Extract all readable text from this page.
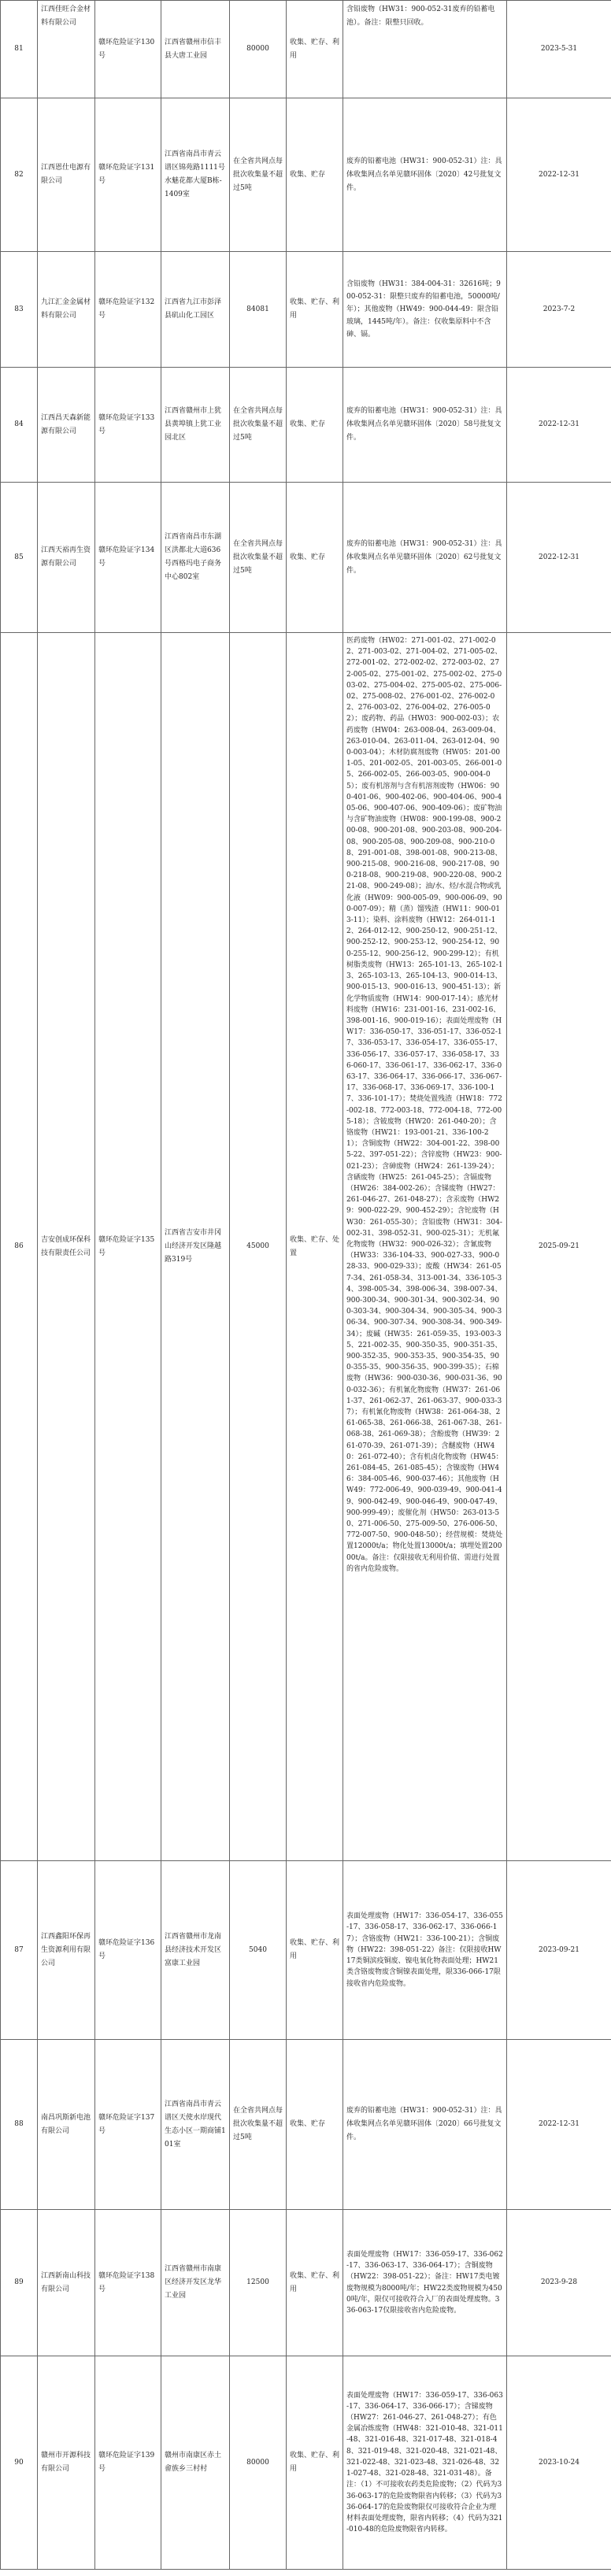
81	江西佳旺合金材料有限公司	赣环危险证字130号	江西省赣州市信丰县大唐工业园	80000	收集、贮存、利用	含铅废物（HW31：900-052-31废弃的铅蓄电池）。备注：限整只回收。	2023-5-31
82	江西恩仕电源有限公司	赣环危险证字131号	江西省南昌市青云谱区锦苑路1111号水魅花都大厦B栋-1409室	在全省共网点每批次收集量不超过5吨	收集、贮存	废弃的铅蓄电池（HW31：900-052-31）注：具体收集网点名单见赣环固体〔2020〕42号批复文件。	2022-12-31
83	九江汇金金属材料有限公司	赣环危险证字132号	江西省九江市彭泽县矶山化工园区	84081	收集、贮存、利用	含铅废物（HW31：384-004-31：32616吨；900-052-31：限整只废弃的铅蓄电池，50000吨/年）；其他废物（HW49：900-044-49：限含铅玻璃，1445吨/年）。备注：仅收集原料中不含砷、镉。	2023-7-2
84	江西昌天森新能源有限公司	赣环危险证字133号	江西省赣州市上犹县黄埠镇上犹工业园北区	在全省共网点每批次收集量不超过5吨	收集、贮存	废弃的铅蓄电池（HW31：900-052-31）注：具体收集网点名单见赣环固体〔2020〕58号批复文件。	2022-12-31
85	江西天裕再生资源有限公司	赣环危险证字134号	江西省南昌市东湖区洪都北大道636号西格玛电子商务中心802室	在全省共网点每批次收集量不超过5吨	收集、贮存	废弃的铅蓄电池（HW31：900-052-31）注：具体收集网点名单见赣环固体〔2020〕62号批复文件。	2022-12-31
86	吉安创成环保科技有限责任公司	赣环危险证字135号	江西省吉安市井冈山经济开发区隆越路319号	45000	收集、贮存、处置	医药废物（HW02：271-001-02、271-002-02、271-003-02、271-004-02、271-005-02、272-001-02、272-002-02、272-003-02、272-005-02、275-001-02、275-002-02、275-003-02、275-004-02、275-005-02、275-006-02、275-008-02、276-001-02、276-002-02、276-003-02、276-004-02、276-005-02）；废药物、药品（HW03：900-002-03）；农药废物（HW04：263-008-04、263-009-04、263-010-04、263-011-04、263-012-04、900-003-04）；木材防腐剂废物（HW05：201-001-05、201-002-05、201-003-05、266-001-05、266-002-05、266-003-05、900-004-05）；废有机溶剂与含有机溶剂废物（HW06：900-401-06、900-402-06、900-404-06、900-405-06、900-407-06、900-409-06）；废矿物油与含矿物油废物（HW08：900-199-08、900-200-08、900-201-08、900-203-08、900-204-08、900-205-08、900-209-08、900-210-08、291-001-08、398-001-08、900-213-08、900-215-08、900-216-08、900-217-08、900-218-08、900-219-08、900-220-08、900-221-08、900-249-08）；油/水、烃/水混合物或乳化液（HW09：900-005-09、900-006-09、900-007-09）；精（蒸）馏残渣（HW11：900-013-11）；染料、涂料废物（HW12：264-011-12、264-012-12、900-250-12、900-251-12、900-252-12、900-253-12、900-254-12、900-255-12、900-256-12、900-299-12）；有机树脂类废物（HW13：265-101-13、265-102-13、265-103-13、265-104-13、900-014-13、900-015-13、900-016-13、900-451-13）；新化学物质废物（HW14：900-017-14）；感光材料废物（HW16：231-001-16、231-002-16、398-001-16、900-019-16）；表面处理废物（HW17：336-050-17、336-051-17、336-052-17、336-053-17、336-054-17、336-055-17、336-056-17、336-057-17、336-058-17、336-060-17、336-061-17、336-062-17、336-063-17、336-064-17、336-066-17、336-067-17、336-068-17、336-069-17、336-100-17、336-101-17）；焚烧处置残渣（HW18：772-002-18、772-003-18、772-004-18、772-005-18）；含铍废物（HW20：261-040-20）；含铬废物（HW21：193-001-21、336-100-21）；含铜废物（HW22：304-001-22、398-005-22、397-051-22）；含锌废物（HW23：900-021-23）；含砷废物（HW24：261-139-24）；含硒废物（HW25：261-045-25）；含镉废物（HW26：384-002-26）；含锑废物（HW27：261-046-27、261-048-27）；含汞废物（HW29：900-022-29、900-452-29）；含铊废物（HW30：261-055-30）；含铅废物（HW31：304-002-31、398-052-31、900-025-31）；无机氟化物废物（HW32：900-026-32）；含氰废物（HW33：336-104-33、900-027-33、900-028-33、900-029-33）；废酸（HW34：261-057-34、261-058-34、313-001-34、336-105-34、398-005-34、398-006-34、398-007-34、900-300-34、900-301-34、900-302-34、900-303-34、900-304-34、900-305-34、900-306-34、900-307-34、900-308-34、900-349-34）；废碱（HW35：261-059-35、193-003-35、221-002-35、900-350-35、900-351-35、900-352-35、900-353-35、900-354-35、900-355-35、900-356-35、900-399-35）；石棉废物（HW36：900-030-36、900-031-36、900-032-36）；有机氰化物废物（HW37：261-061-37、261-062-37、261-063-37、900-033-37）；有机氰化物废物（HW38：261-064-38、261-065-38、261-066-38、261-067-38、261-068-38、261-069-38）；含酚废物（HW39：261-070-39、261-071-39）；含醚废物（HW40：261-072-40）；含有机卤化物废物（HW45：261-084-45、261-085-45）；含镍废物（HW46：384-005-46、900-037-46）；其他废物（HW49：772-006-49、900-039-49、900-041-49、900-042-49、900-046-49、900-047-49、900-999-49）；废催化剂（HW50：263-013-50、271-006-50、275-009-50、276-006-50、772-007-50、900-048-50）；经营规模：焚烧处置12000t/a；物化处置13000t/a；填埋处置20000t/a。备注：仅限接收无利用价值、需进行处置的省内危险废物。	2025-09-21
87	江西鑫阳环保再生资源利用有限公司	赣环危险证字136号	江西省赣州市龙南县经济技术开发区富康工业园	5040	收集、贮存、利用	表面处理废物（HW17：336-054-17、336-055-17、336-058-17、336-062-17、336-066-17）；含铬废物（HW21：336-100-21）；含铜废物（HW22：398-051-22）备注：仅限接收HW17类铜滨疫铜废、镍电氧化物表面处理；HW21类含铬废物废含铜镍表面处理，限336-066-17限接收省内危险废物。	2023-09-21
88	南昌巩斯新电池有限公司	赣环危险证字137号	江西省南昌市青云谱区天使水岸现代生态小区一期商铺101室	在全省共网点每批次收集量不超过5吨	收集、贮存	废弃的铅蓄电池（HW31：900-052-31）注：具体收集网点名单见赣环固体〔2020〕66号批复文件。	2022-12-31
89	江西新南山科技有限公司	赣环危险证字138号	江西省赣州市南康区经济开发区龙华工业园	12500	收集、贮存、利用	表面处理废物（HW17：336-059-17、336-062-17、336-063-17、336-064-17）；含铜废物（HW22：398-051-22）；备注：HW17类电镀废物规模为8000吨/年；HW22类废物规模为4500吨/年，限仅可接收符合入厂的表面处理废物。336-063-17仅限接收省内危险废物。	2023-9-28
90	赣州市开源科技有限公司	赣环危险证字139号	赣州市南康区赤土畲族乡三村村	80000	收集、贮存、利用	表面处理废物（HW17：336-059-17、336-063-17、336-064-17、336-066-17）；含锑废物（HW27：261-046-27、261-048-27）；有色金属冶炼废物（HW48：321-010-48、321-011-48、321-016-48、321-017-48、321-018-48、321-019-48、321-020-48、321-021-48、321-022-48、321-023-48、321-026-48、321-027-48、321-028-48、321-031-48）。备注：（1）不可接收农药类危险废物；（2）代码为336-063-17的危险废物限省内转移；（3）代码为336-064-17的危险废物限仅可接收符合企业为理材料表面处理废物，限省内转移；（4）代码为321-010-48的危险废物限省内转移。	2023-10-24
